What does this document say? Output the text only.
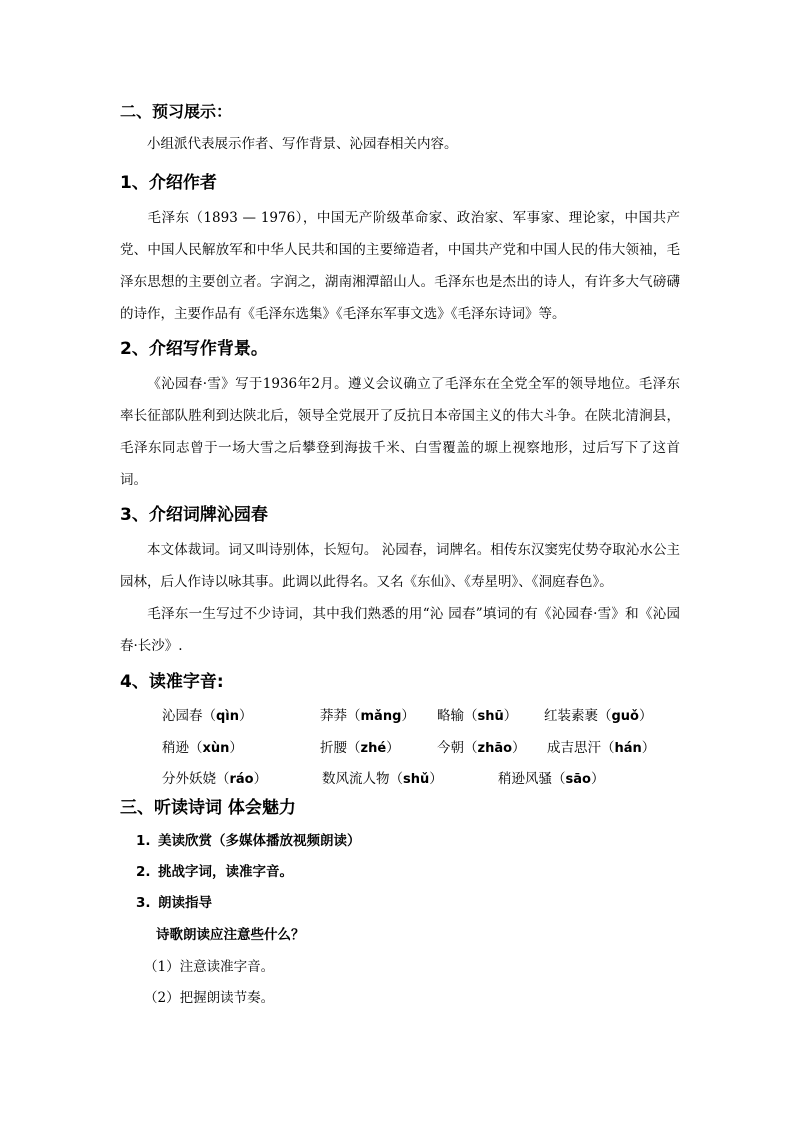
二、预习展示：
小组派代表展示作者、写作背景、沁园春相关内容。
1、介绍作者
毛泽东（1893 — 1976），中国无产阶级革命家、政治家、军事家、理论家，中国共产党、中国人民解放军和中华人民共和国的主要缔造者，中国共产党和中国人民的伟大领袖，毛泽东思想的主要创立者。字润之，湖南湘潭韶山人。毛泽东也是杰出的诗人，有许多大气磅礴的诗作，主要作品有《毛泽东选集》《毛泽东军事文选》《毛泽东诗词》等。
2、介绍写作背景。
《沁园春·雪》写于1936年2月。遵义会议确立了毛泽东在全党全军的领导地位。毛泽东率长征部队胜利到达陕北后，领导全党展开了反抗日本帝国主义的伟大斗争。在陕北清涧县，毛泽东同志曾于一场大雪之后攀登到海拔千米、白雪覆盖的塬上视察地形，过后写下了这首词。
3、介绍词牌沁园春
本文体裁词。词又叫诗别体，长短句。 沁园春，词牌名。相传东汉窦宪仗势夺取沁水公主园林，后人作诗以咏其事。此调以此得名。又名《东仙》、《寿星明》、《洞庭春色》。
毛泽东一生写过不少诗词，其中我们熟悉的用“沁 园春”填词的有《沁园春·雪》和《沁园春·长沙》.
4、读准字音:
沁园春（qìn）	莽莽（mǎng） 略输（shū） 红装素裹（guǒ）
稍逊（xùn）	折腰（zhé）	今朝（zhāo） 成吉思汗（hán）
分外妖娆（ráo）	数风流人物（shǔ）	稍逊风骚（sāo）
三、听读诗词 体会魅力
1. 美读欣赏（多媒体播放视频朗读）
2. 挑战字词，读准字音。
3. 朗读指导
诗歌朗读应注意些什么？
（1）注意读准字音。
（2）把握朗读节奏。
